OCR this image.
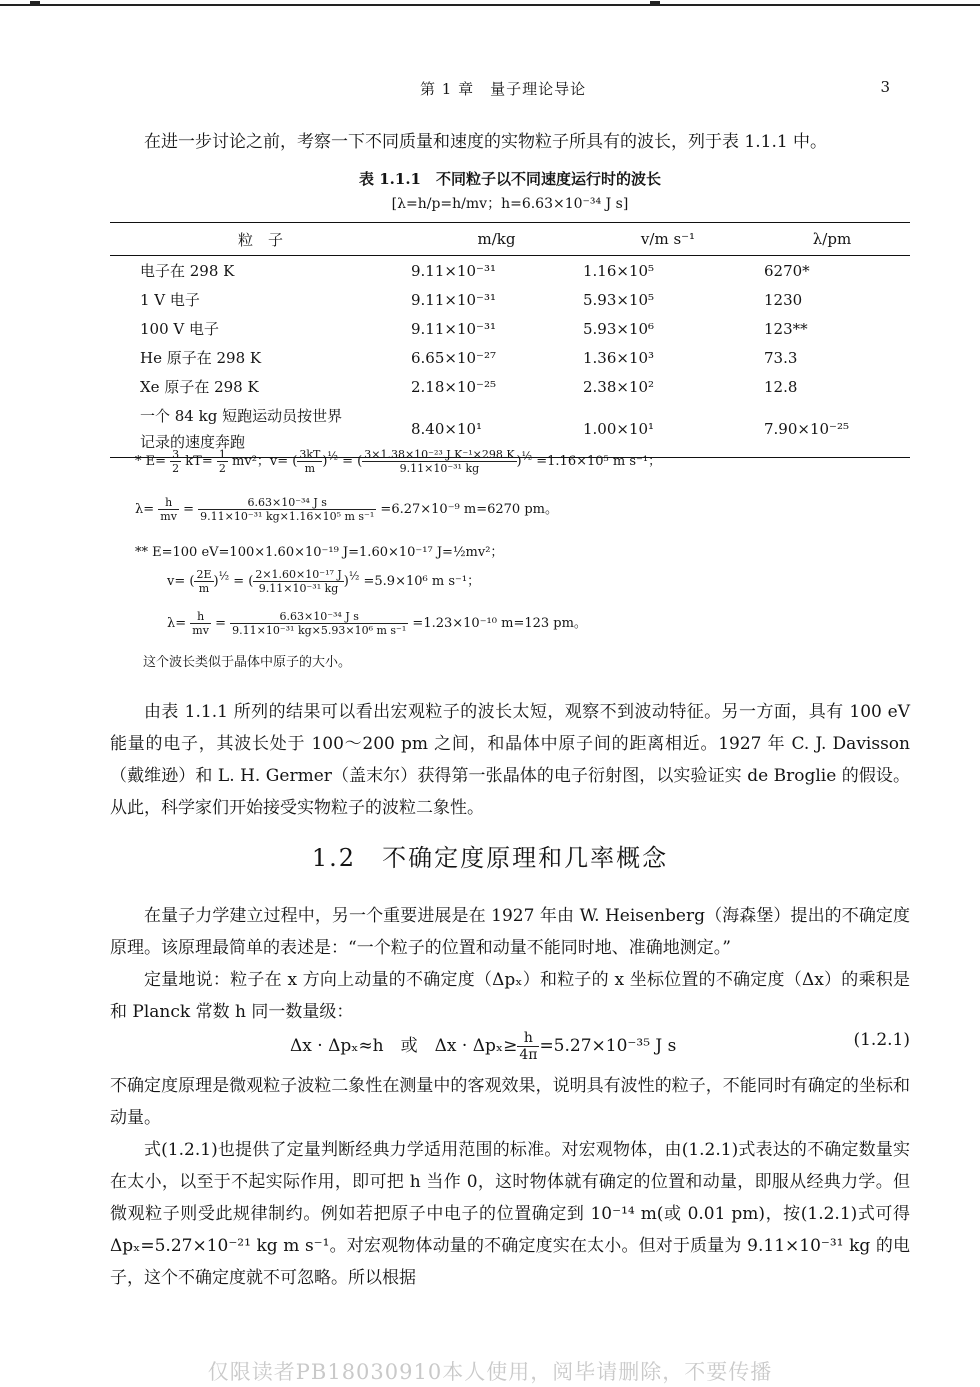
第 1 章　量子理论导论	3
在进一步讨论之前，考察一下不同质量和速度的实物粒子所具有的波长，列于表 1.1.1 中。
表 1.1.1　不同粒子以不同速度运行时的波长
[λ=h/p=h/mv；h=6.63×10⁻³⁴ J s]
粒　子	m/kg	v/m s⁻¹	λ/pm
电子在 298 K	9.11×10⁻³¹	1.16×10⁵	6270*
1 V 电子	9.11×10⁻³¹	5.93×10⁵	1230
100 V 电子	9.11×10⁻³¹	5.93×10⁶	123**
He 原子在 298 K	6.65×10⁻²⁷	1.36×10³	73.3
Xe 原子在 298 K	2.18×10⁻²⁵	2.38×10²	12.8

一个 84 kg 短跑运动员按世界
记录的速度奔跑	8.40×10¹	1.00×10¹	7.90×10⁻²⁵
* $E= \frac{3}{2} kT= \frac{1}{2} mv^2$；v= ( $\frac{3kT}{m} )^{\frac{1}{2}}$ = ( $\frac{\text{3×1.38×10⁻²³ J K⁻¹×298 K}}{\text{9.11×10⁻³¹ kg}} )^{\frac{1}{2}} =1.16\times 10^5$ m s⁻¹；
$\lambda= \frac{h}{mv} = \frac{\text{6.63×10⁻³⁴ J s}}{\text{9.11×10⁻³¹ kg×1.16×10⁵ m s⁻¹}} =6.27\times 10^{-9}$ m=6270 pm。
** E=100 eV=100×1.60×10⁻¹⁹ J=1.60×10⁻¹⁷ J=½mv²；
v= ( $\frac{2E}{m} )^{\frac{1}{2}}$ = ( $\frac{\text{2×1.60×10⁻¹⁷ J}}{\text{9.11×10⁻³¹ kg}} )^{\frac{1}{2}} =5.9\times 10^6$ m s⁻¹；
$\lambda= \frac{h}{mv} = \frac{\text{6.63×10⁻³⁴ J s}}{\text{9.11×10⁻³¹ kg×5.93×10⁶ m s⁻¹}} =1.23\times 10^{-10}$ m=123 pm。
这个波长类似于晶体中原子的大小。
由表 1.1.1 所列的结果可以看出宏观粒子的波长太短，观察不到波动特征。另一方面，具有 100 eV 能量的电子，其波长处于 100～200 pm 之间，和晶体中原子间的距离相近。1927 年 C. J. Davisson（戴维逊）和 L. H. Germer（盖末尔）获得第一张晶体的电子衍射图，以实验证实 de Broglie 的假设。从此，科学家们开始接受实物粒子的波粒二象性。
1.2　不确定度原理和几率概念
在量子力学建立过程中，另一个重要进展是在 1927 年由 W. Heisenberg（海森堡）提出的不确定度原理。该原理最简单的表述是：“一个粒子的位置和动量不能同时地、准确地测定。”
定量地说：粒子在 x 方向上动量的不确定度（Δpₓ）和粒子的 x 坐标位置的不确定度（Δx）的乘积是和 Planck 常数 h 同一数量级：
Δx · Δpₓ≈h　或　$\Delta x \cdot \Delta p_x\ge \frac{h}{4\pi} =5.27\times 10^{-35}$ J s	(1.2.1)
不确定度原理是微观粒子波粒二象性在测量中的客观效果，说明具有波性的粒子，不能同时有确定的坐标和动量。
式(1.2.1)也提供了定量判断经典力学适用范围的标准。对宏观物体，由(1.2.1)式表达的不确定数量实在太小，以至于不起实际作用，即可把 h 当作 0，这时物体就有确定的位置和动量，即服从经典力学。但微观粒子则受此规律制约。例如若把原子中电子的位置确定到 10⁻¹⁴ m(或 0.01 pm)，按(1.2.1)式可得 Δpₓ=5.27×10⁻²¹ kg m s⁻¹。对宏观物体动量的不确定度实在太小。但对于质量为 9.11×10⁻³¹ kg 的电子，这个不确定度就不可忽略。所以根据
仅限读者PB18030910本人使用，阅毕请删除，不要传播
